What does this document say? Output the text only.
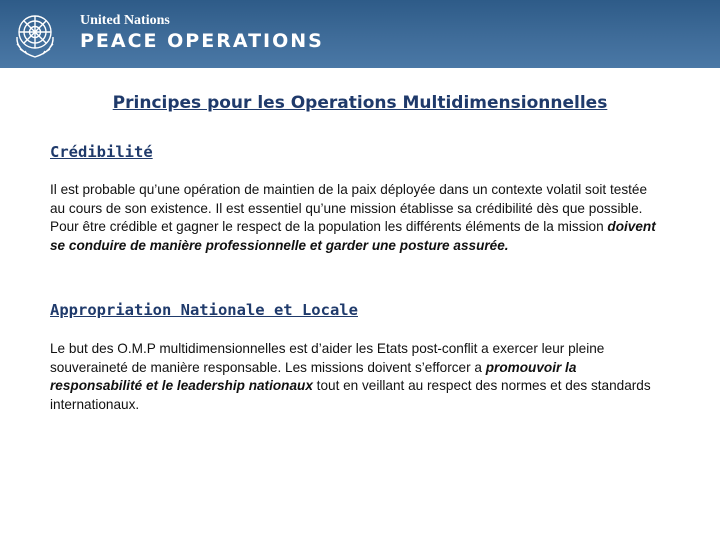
United Nations
PEACE OPERATIONS
Principes pour les Operations Multidimensionnelles
Crédibilité
Il est probable qu’une opération de maintien de la paix déployée dans un contexte volatil soit testée au cours de son existence. Il est essentiel qu’une mission établisse sa crédibilité dès que possible. Pour être crédible et gagner le respect de la population les différents éléments de la mission doivent se conduire de manière professionnelle et garder une posture assurée.
Appropriation Nationale et Locale
Le but des O.M.P multidimensionnelles est d’aider les Etats post-conflit a exercer leur pleine souveraineté de manière responsable. Les missions doivent s’efforcer a promouvoir la responsabilité et le leadership nationaux tout en veillant au respect des normes et des standards internationaux.
